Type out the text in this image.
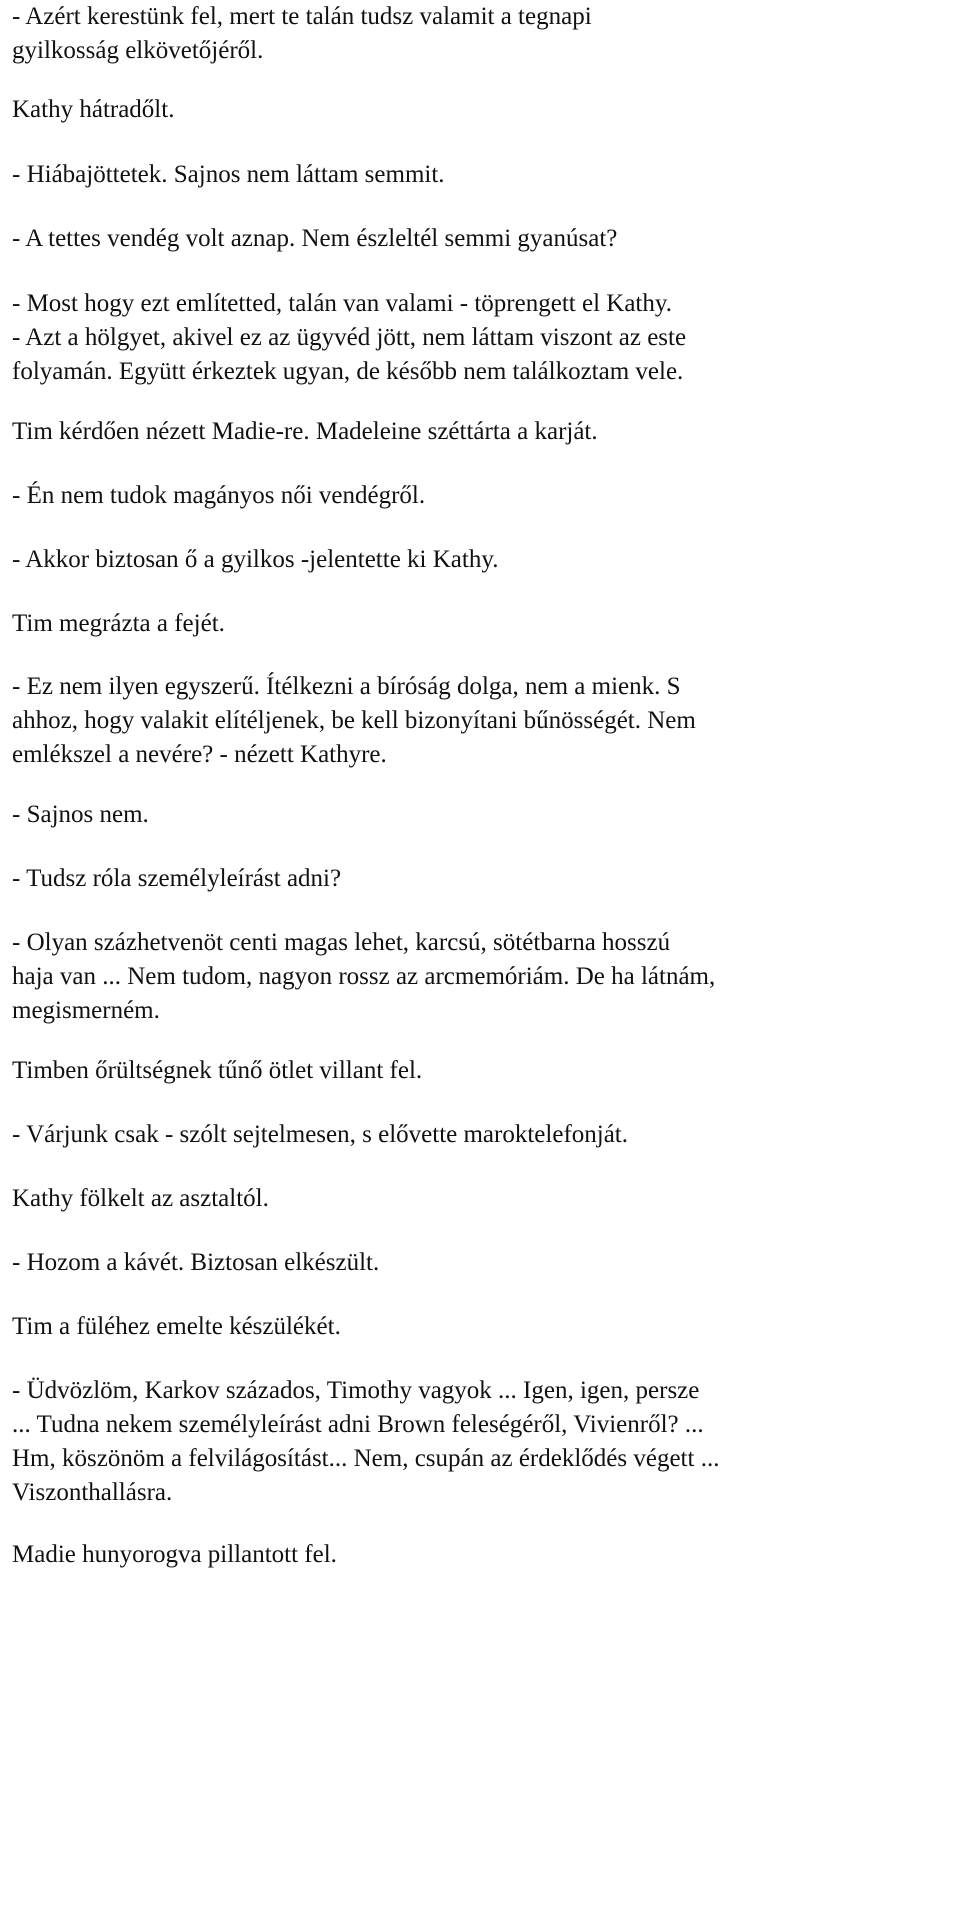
- Azért kerestünk fel, mert te talán tudsz valamit a tegnapi
gyilkosság elkövetőjéről.

Kathy hátradőlt.

- Hiábajöttetek. Sajnos nem láttam semmit.

- A tettes vendég volt aznap. Nem észleltél semmi gyanúsat?

- Most hogy ezt említetted, talán van valami - töprengett el Kathy.
- Azt a hölgyet, akivel ez az ügyvéd jött, nem láttam viszont az este
folyamán. Együtt érkeztek ugyan, de később nem találkoztam vele.

Tim kérdően nézett Madie-re. Madeleine széttárta a karját.

- Én nem tudok magányos női vendégről.

- Akkor biztosan ő a gyilkos -jelentette ki Kathy.

Tim megrázta a fejét.

- Ez nem ilyen egyszerű. Ítélkezni a bíróság dolga, nem a mienk. S
ahhoz, hogy valakit elítéljenek, be kell bizonyítani bűnösségét. Nem
emlékszel a nevére? - nézett Kathyre.

- Sajnos nem.

- Tudsz róla személyleírást adni?

- Olyan százhetvenöt centi magas lehet, karcsú, sötétbarna hosszú
haja van ... Nem tudom, nagyon rossz az arcmemóriám. De ha látnám,
megismerném.

Timben őrültségnek tűnő ötlet villant fel.

- Várjunk csak - szólt sejtelmesen, s elővette maroktelefonját.

Kathy fölkelt az asztaltól.

- Hozom a kávét. Biztosan elkészült.

Tim a füléhez emelte készülékét.

- Üdvözlöm, Karkov százados, Timothy vagyok ... Igen, igen, persze
... Tudna nekem személyleírást adni Brown feleségéről, Vivienről? ...
Hm, köszönöm a felvilágosítást... Nem, csupán az érdeklődés végett ...
Viszonthallásra.

Madie hunyorogva pillantott fel.
